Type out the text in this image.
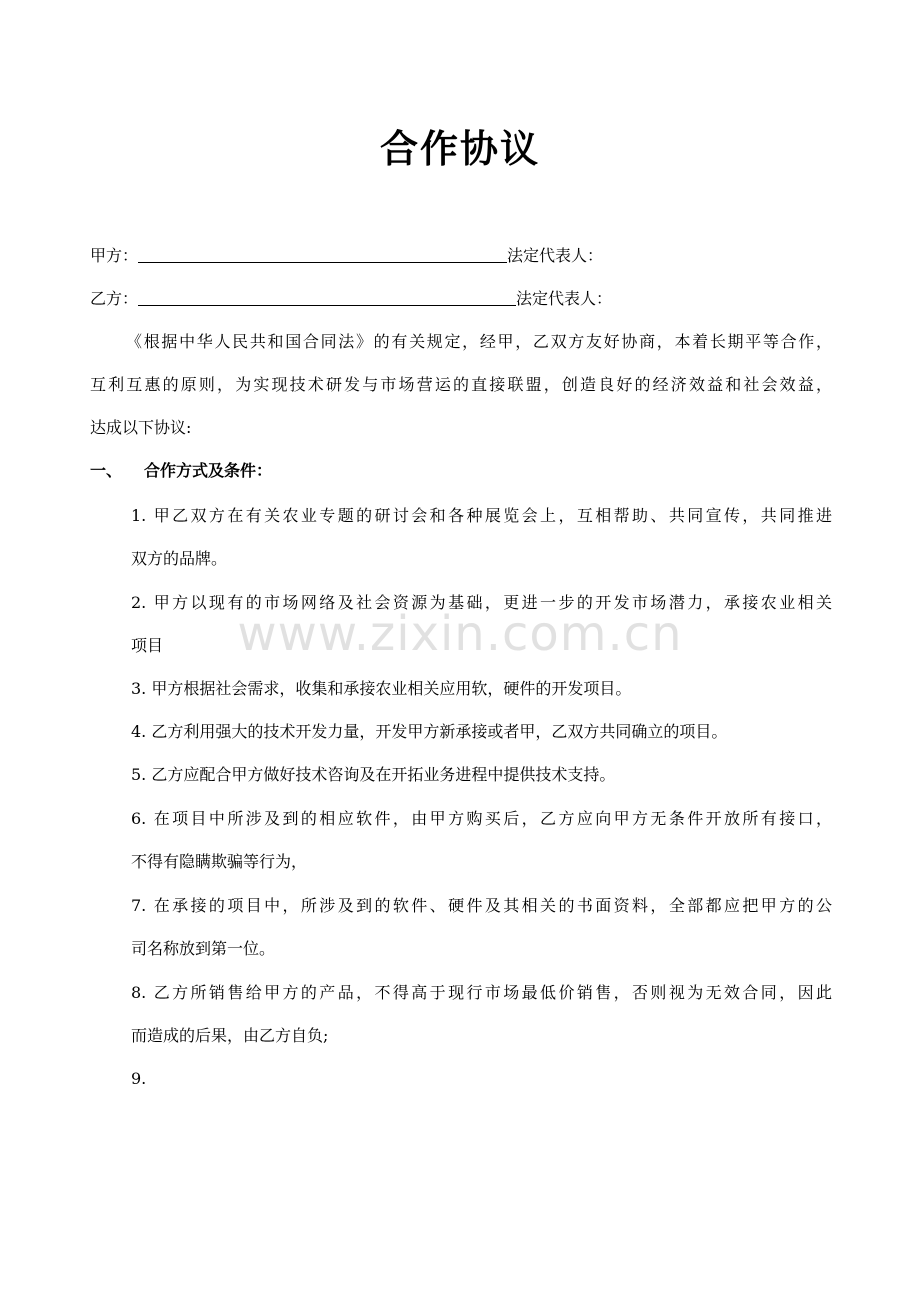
合作协议
甲方：	法定代表人：
乙方：	法定代表人：
《根据中华人民共和国合同法》的有关规定，经甲，乙双方友好协商，本着长期平等合作，
互利互惠的原则，为实现技术研发与市场营运的直接联盟，创造良好的经济效益和社会效益，
达成以下协议:
一、 合作方式及条件：
1. 甲乙双方在有关农业专题的研讨会和各种展览会上，互相帮助、共同宣传，共同推进
双方的品牌。
2. 甲方以现有的市场网络及社会资源为基础，更进一步的开发市场潜力，承接农业相关
项目
3. 甲方根据社会需求，收集和承接农业相关应用软，硬件的开发项目。
4. 乙方利用强大的技术开发力量，开发甲方新承接或者甲，乙双方共同确立的项目。
5. 乙方应配合甲方做好技术咨询及在开拓业务进程中提供技术支持。
6. 在项目中所涉及到的相应软件，由甲方购买后，乙方应向甲方无条件开放所有接口，
不得有隐瞒欺骗等行为，
7. 在承接的项目中，所涉及到的软件、硬件及其相关的书面资料，全部都应把甲方的公
司名称放到第一位。
8. 乙方所销售给甲方的产品，不得高于现行市场最低价销售，否则视为无效合同，因此
而造成的后果，由乙方自负;
9.
www.zixin.com.cn
